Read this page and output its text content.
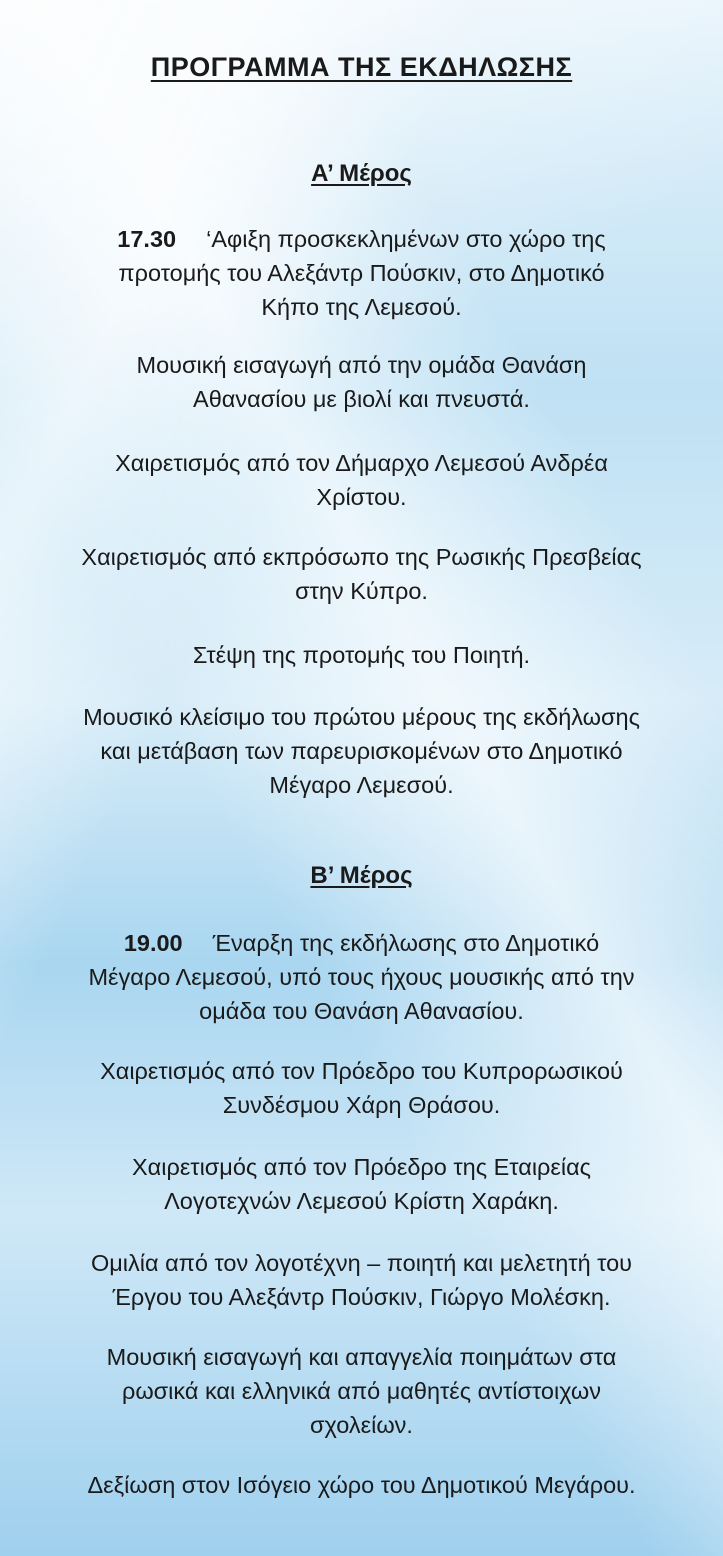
ΠΡΟΓΡΑΜΜΑ ΤΗΣ ΕΚΔΗΛΩΣΗΣ
Α’ Μέρος
17.30 ‘Αφιξη προσκεκλημένων στο χώρο της
προτομής του Αλεξάντρ Πούσκιν, στο Δημοτικό
Κήπο της Λεμεσού.
Μουσική εισαγωγή από την ομάδα Θανάση
Αθανασίου με βιολί και πνευστά.
Χαιρετισμός από τον Δήμαρχο Λεμεσού Ανδρέα
Χρίστου.
Χαιρετισμός από εκπρόσωπο της Ρωσικής Πρεσβείας
στην Κύπρο.
Στέψη της προτομής του Ποιητή.
Μουσικό κλείσιμο του πρώτου μέρους της εκδήλωσης
και μετάβαση των παρευρισκομένων στο Δημοτικό
Μέγαρο Λεμεσού.
Β’ Μέρος
19.00 Έναρξη της εκδήλωσης στο Δημοτικό
Μέγαρο Λεμεσού, υπό τους ήχους μουσικής από την
ομάδα του Θανάση Αθανασίου.
Χαιρετισμός από τον Πρόεδρο του Κυπρορωσικού
Συνδέσμου Χάρη Θράσου.
Χαιρετισμός από τον Πρόεδρο της Εταιρείας
Λογοτεχνών Λεμεσού Κρίστη Χαράκη.
Ομιλία από τον λογοτέχνη – ποιητή και μελετητή του
Έργου του Αλεξάντρ Πούσκιν, Γιώργο Μολέσκη.
Μουσική εισαγωγή και απαγγελία ποιημάτων στα
ρωσικά και ελληνικά από μαθητές αντίστοιχων
σχολείων.
Δεξίωση στον Ισόγειο χώρο του Δημοτικού Μεγάρου.
